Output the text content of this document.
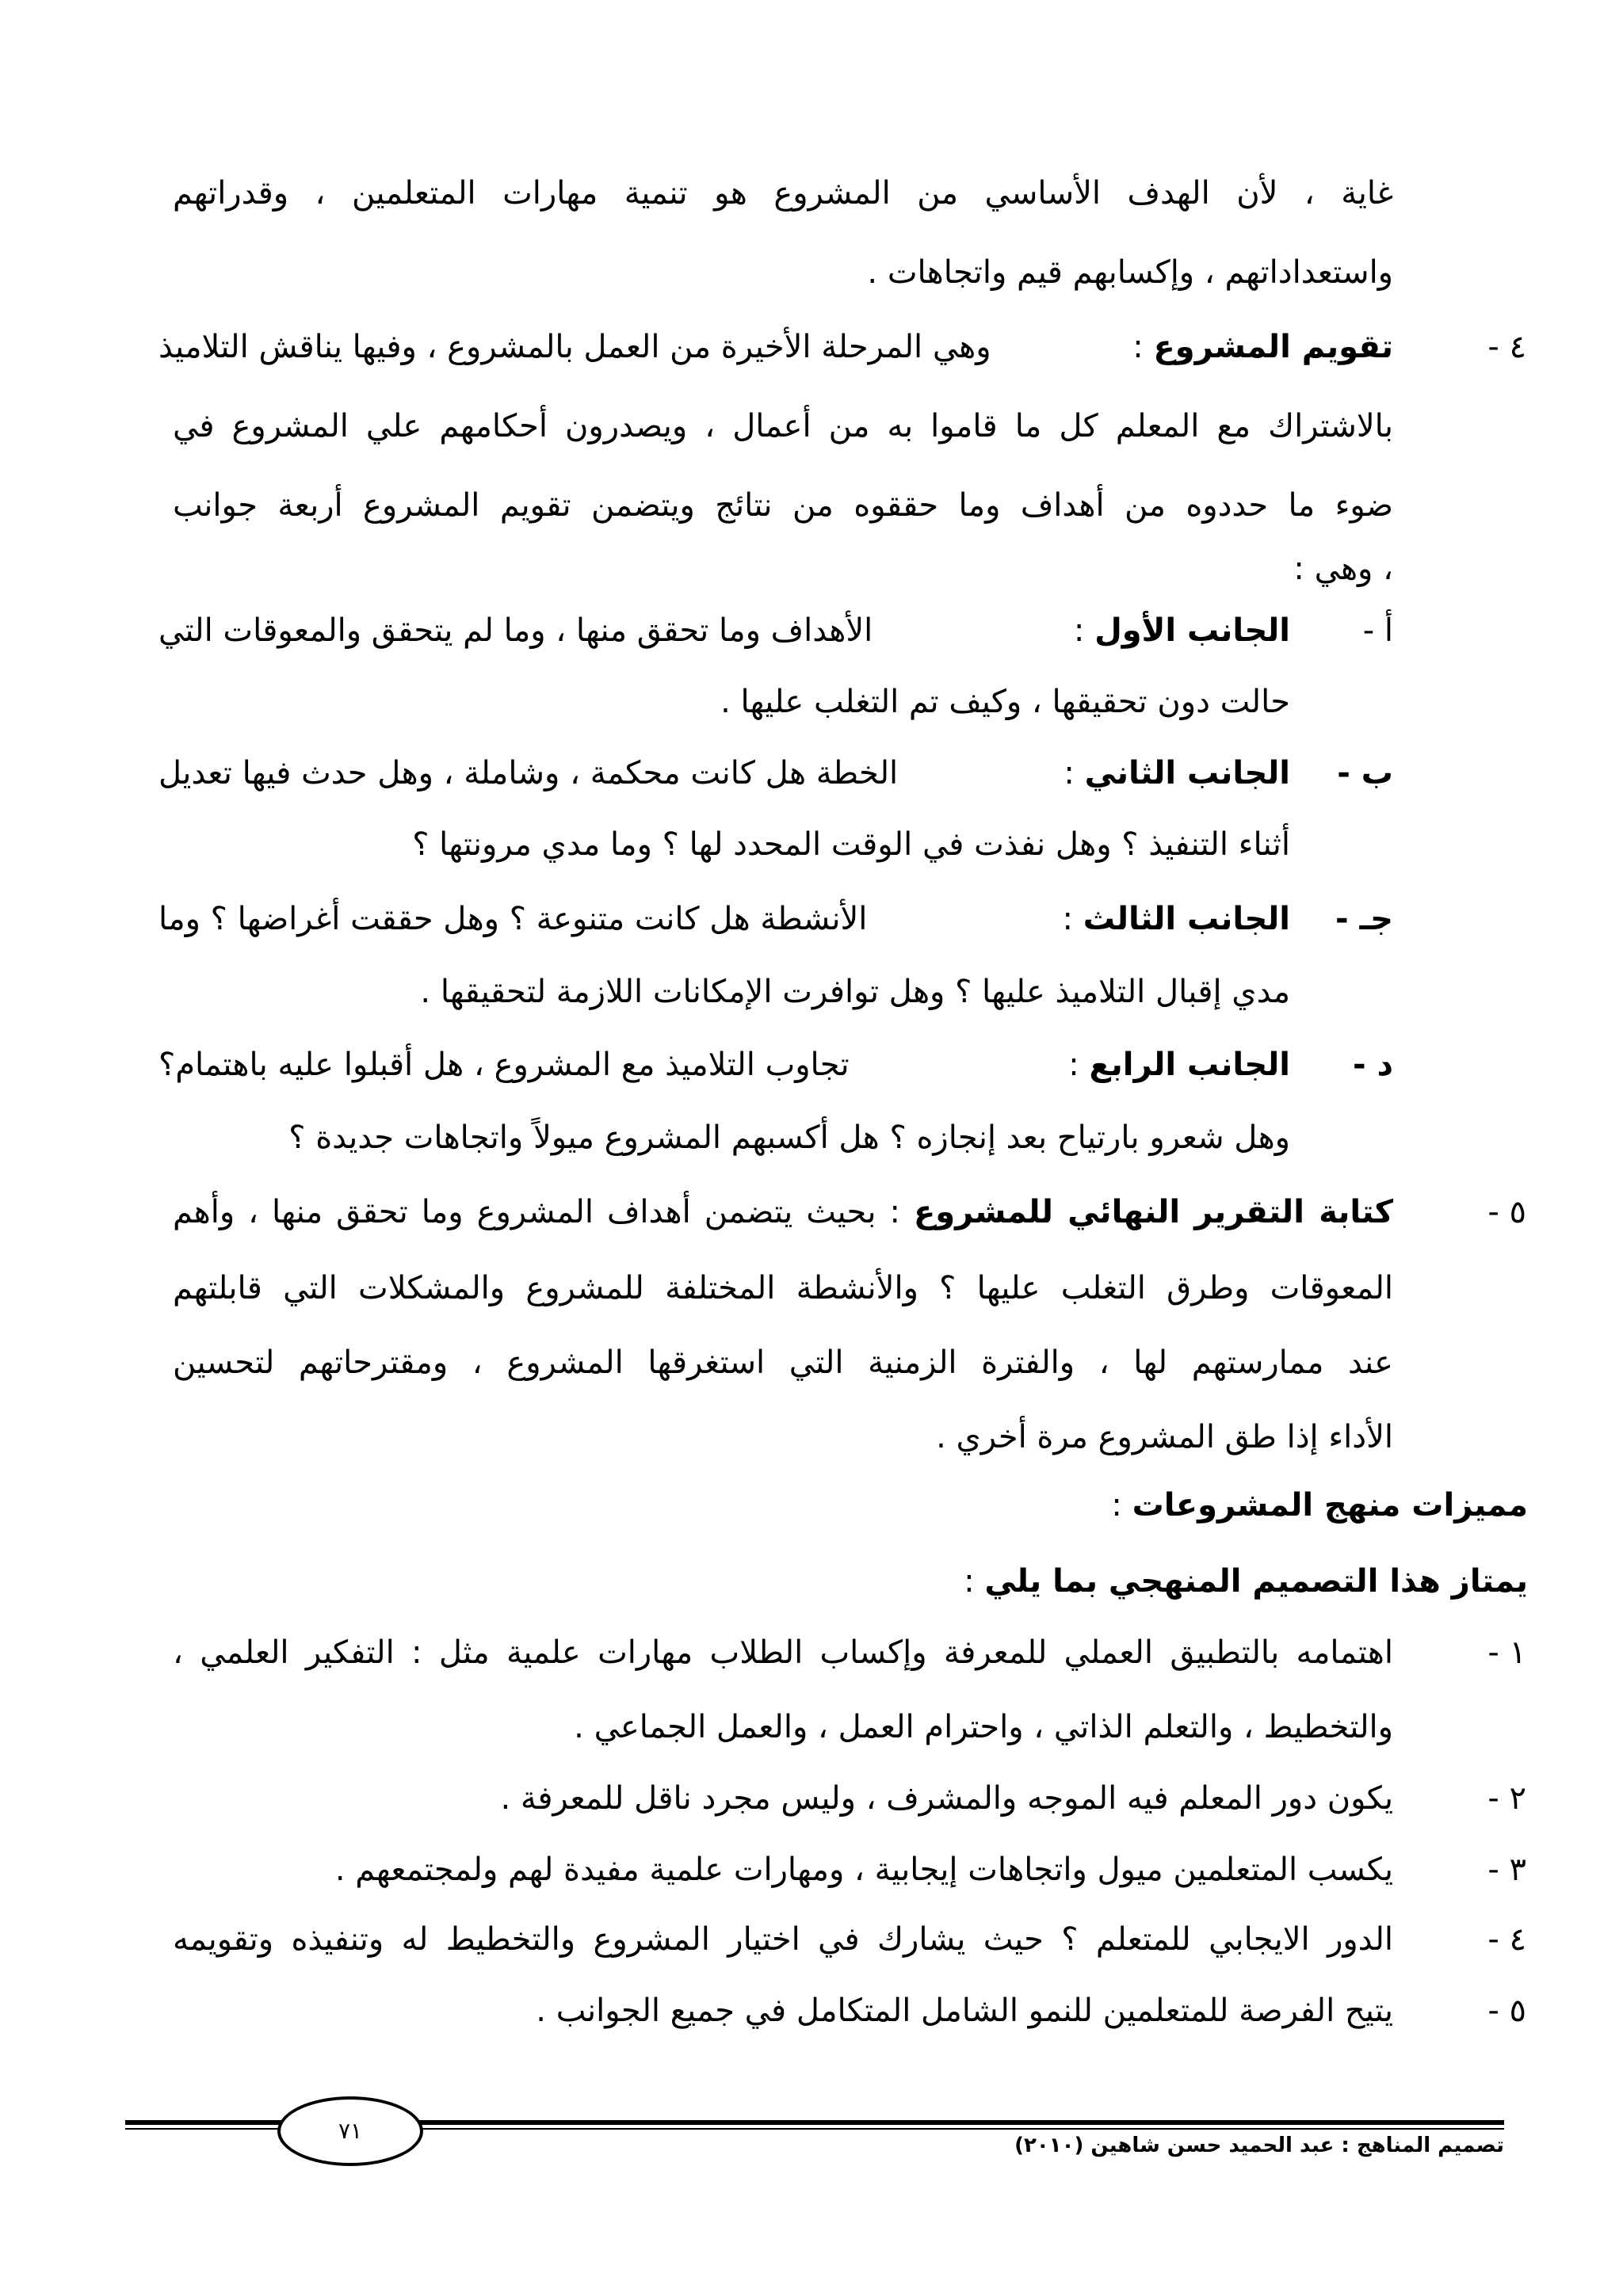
غاية ، لأن الهدف الأساسي من المشروع هو تنمية مهارات المتعلمين ، وقدراتهم
واستعداداتهم ، وإكسابهم قيم واتجاهات .
٤ -
تقويم المشروع :
وهي المرحلة الأخيرة من العمل بالمشروع ، وفيها يناقش التلاميذ
بالاشتراك مع المعلم كل ما قاموا به من أعمال ، ويصدرون أحكامهم علي المشروع في
ضوء ما حددوه من أهداف وما حققوه من نتائج ويتضمن تقويم المشروع أربعة جوانب
، وهي :
أ -
الجانب الأول :
الأهداف وما تحقق منها ، وما لم يتحقق والمعوقات التي
حالت دون تحقيقها ، وكيف تم التغلب عليها .
ب -
الجانب الثاني :
الخطة هل كانت محكمة ، وشاملة ، وهل حدث فيها تعديل
أثناء التنفيذ ؟ وهل نفذت في الوقت المحدد لها ؟ وما مدي مرونتها ؟
جـ -
الجانب الثالث :
الأنشطة هل كانت متنوعة ؟ وهل حققت أغراضها ؟ وما
مدي إقبال التلاميذ عليها ؟ وهل توافرت الإمكانات اللازمة لتحقيقها .
د -
الجانب الرابع :
تجاوب التلاميذ مع المشروع ، هل أقبلوا عليه باهتمام؟
وهل شعرو بارتياح بعد إنجازه ؟ هل أكسبهم المشروع ميولاً واتجاهات جديدة ؟
٥ -
كتابة التقرير النهائي للمشروع : بحيث يتضمن أهداف المشروع وما تحقق منها ، وأهم
المعوقات وطرق التغلب عليها ؟ والأنشطة المختلفة للمشروع والمشكلات التي قابلتهم
عند ممارستهم لها ، والفترة الزمنية التي استغرقها المشروع ، ومقترحاتهم لتحسين
الأداء إذا طق المشروع مرة أخري .
مميزات منهج المشروعات :
يمتاز هذا التصميم المنهجي بما يلي :
١ -
اهتمامه بالتطبيق العملي للمعرفة وإكساب الطلاب مهارات علمية مثل : التفكير العلمي ،
والتخطيط ، والتعلم الذاتي ، واحترام العمل ، والعمل الجماعي .
٢ -
يكون دور المعلم فيه الموجه والمشرف ، وليس مجرد ناقل للمعرفة .
٣ -
يكسب المتعلمين ميول واتجاهات إيجابية ، ومهارات علمية مفيدة لهم ولمجتمعهم .
٤ -
الدور الايجابي للمتعلم ؟ حيث يشارك في اختيار المشروع والتخطيط له وتنفيذه وتقويمه
٥ -
يتيح الفرصة للمتعلمين للنمو الشامل المتكامل في جميع الجوانب .
٧١
تصميم المناهج : عبد الحميد حسن شاهين (٢٠١٠)
